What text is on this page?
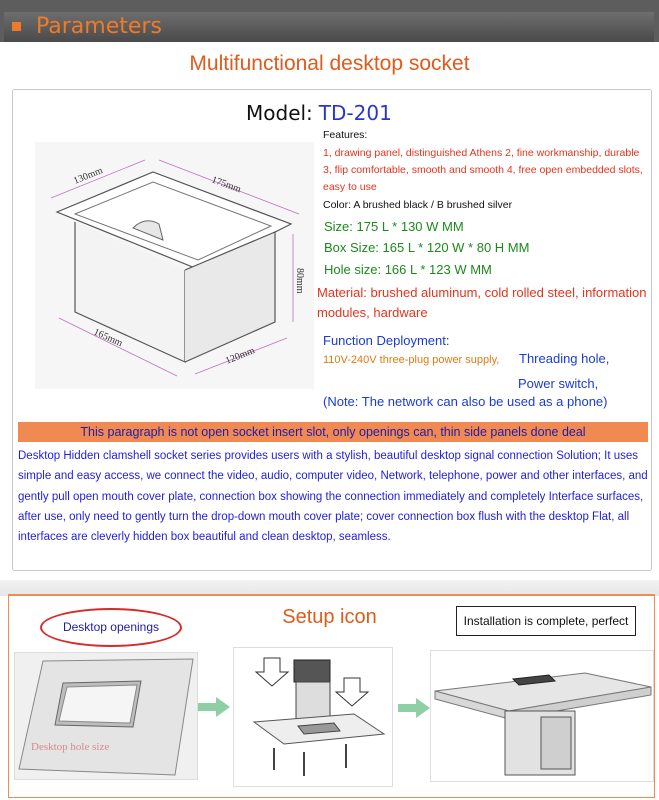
Parameters
Multifunctional desktop socket
130mm	175mm
80mm
165mm
120mm
Model: TD-201
Features:
1, drawing panel, distinguished Athens 2, fine workmanship, durable
3, flip comfortable, smooth and smooth 4, free open embedded slots,
easy to use
Color: A brushed black / B brushed silver
Size: 175 L * 130 W MM
Box Size: 165 L * 120 W * 80 H MM
Hole size: 166 L * 123 W MM
Material: brushed aluminum, cold rolled steel, information
modules, hardware
Function Deployment:
110V-240V three-plug power supply, Threading hole,
Power switch,
(Note: The network can also be used as a phone)
This paragraph is not open socket insert slot, only openings can, thin side panels done deal
Desktop Hidden clamshell socket series provides users with a stylish, beautiful desktop signal connection Solution; It uses simple and easy access, we connect the video, audio, computer video, Network, telephone, power and other interfaces, and gently pull open mouth cover plate, connection box showing the connection immediately and completely Interface surfaces, after use, only need to gently turn the drop-down mouth cover plate; cover connection box flush with the desktop Flat, all interfaces are cleverly hidden box beautiful and clean desktop, seamless.
Setup icon
Desktop openings	Installation is complete, perfect
Desktop hole size
